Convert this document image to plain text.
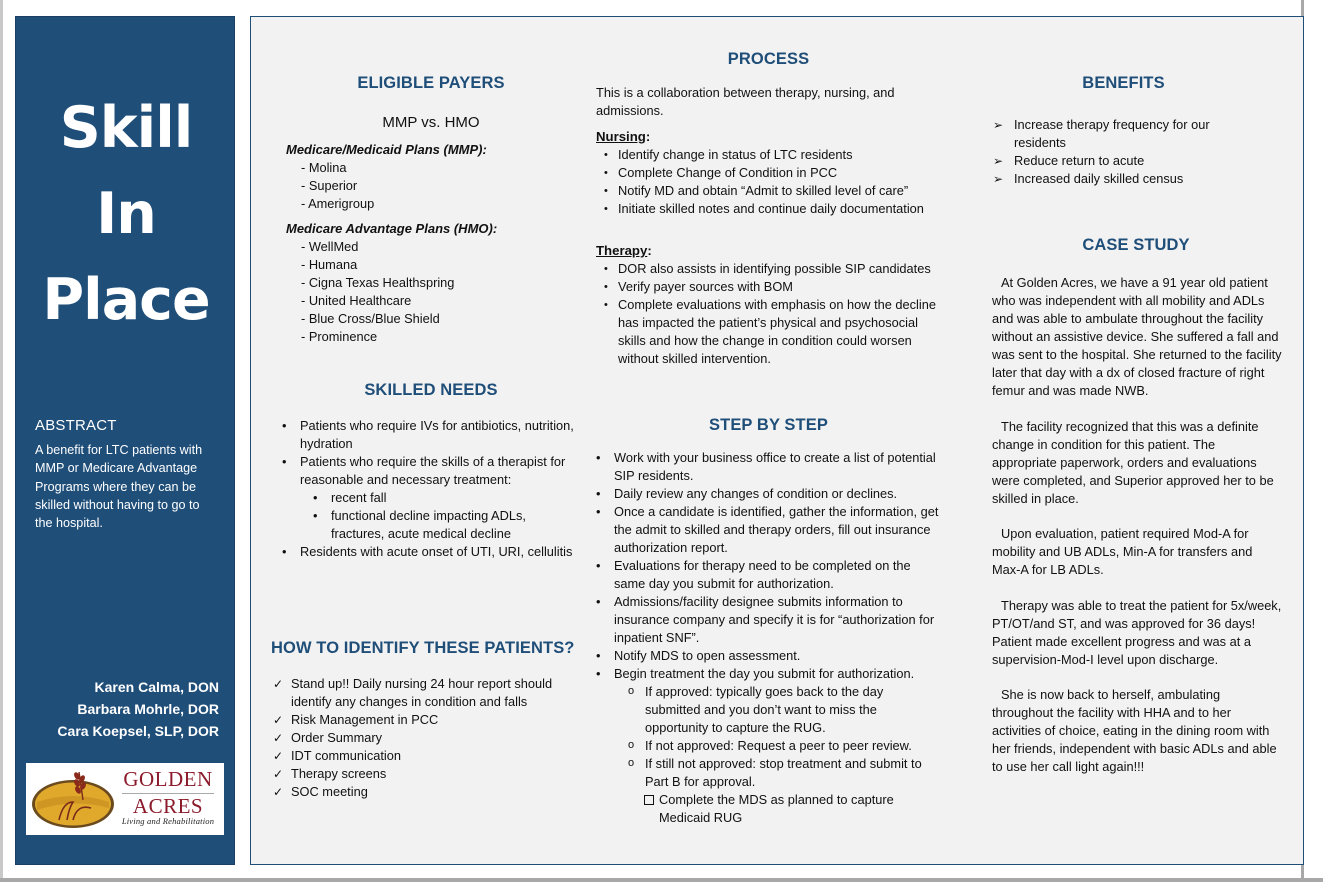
Skill
In
Place
ABSTRACT
A benefit for LTC patients with MMP or Medicare Advantage Programs where they can be skilled without having to go to the hospital.
Karen Calma, DON
Barbara Mohrle, DOR
Cara Koepsel, SLP, DOR
GOLDEN
ACRES
Living and Rehabilitation
ELIGIBLE PAYERS
MMP vs. HMO
Medicare/Medicaid Plans (MMP):
- Molina
- Superior
- Amerigroup
Medicare Advantage Plans (HMO):
- WellMed
- Humana
- Cigna Texas Healthspring
- United Healthcare
- Blue Cross/Blue Shield
- Prominence
SKILLED NEEDS
• Patients who require IVs for antibiotics, nutrition, hydration
• Patients who require the skills of a therapist for reasonable and necessary treatment:
• recent fall
• functional decline impacting ADLs, fractures, acute medical decline
• Residents with acute onset of UTI, URI, cellulitis
HOW TO IDENTIFY THESE PATIENTS?
✓ Stand up!! Daily nursing 24 hour report should identify any changes in condition and falls
✓ Risk Management in PCC
✓ Order Summary
✓ IDT communication
✓ Therapy screens
✓ SOC meeting
PROCESS
This is a collaboration between therapy, nursing, and admissions.
Nursing:
• Identify change in status of LTC residents
• Complete Change of Condition in PCC
• Notify MD and obtain “Admit to skilled level of care”
• Initiate skilled notes and continue daily documentation
Therapy:
• DOR also assists in identifying possible SIP candidates
• Verify payer sources with BOM
• Complete evaluations with emphasis on how the decline has impacted the patient’s physical and psychosocial skills and how the change in condition could worsen without skilled intervention.
STEP BY STEP
• Work with your business office to create a list of potential SIP residents.
• Daily review any changes of condition or declines.
• Once a candidate is identified, gather the information, get the admit to skilled and therapy orders, fill out insurance authorization report.
• Evaluations for therapy need to be completed on the same day you submit for authorization.
• Admissions/facility designee submits information to insurance company and specify it is for “authorization for inpatient SNF”.
• Notify MDS to open assessment.
• Begin treatment the day you submit for authorization.
o If approved: typically goes back to the day submitted and you don’t want to miss the opportunity to capture the RUG.
o If not approved: Request a peer to peer review.
o If still not approved: stop treatment and submit to Part B for approval.
Complete the MDS as planned to capture Medicaid RUG
BENEFITS
➢ Increase therapy frequency for our residents
➢ Reduce return to acute
➢ Increased daily skilled census
CASE STUDY

At Golden Acres, we have a 91 year old patient who was independent with all mobility and ADLs and was able to ambulate throughout the facility without an assistive device. She suffered a fall and was sent to the hospital. She returned to the facility later that day with a dx of closed fracture of right femur and was made NWB.

The facility recognized that this was a definite change in condition for this patient. The appropriate paperwork, orders and evaluations were completed, and Superior approved her to be skilled in place.

Upon evaluation, patient required Mod-A for mobility and UB ADLs, Min-A for transfers and Max-A for LB ADLs.

Therapy was able to treat the patient for 5x/week, PT/OT/and ST, and was approved for 36 days! Patient made excellent progress and was at a supervision-Mod-I level upon discharge.

She is now back to herself, ambulating throughout the facility with HHA and to her activities of choice, eating in the dining room with her friends, independent with basic ADLs and able to use her call light again!!!
